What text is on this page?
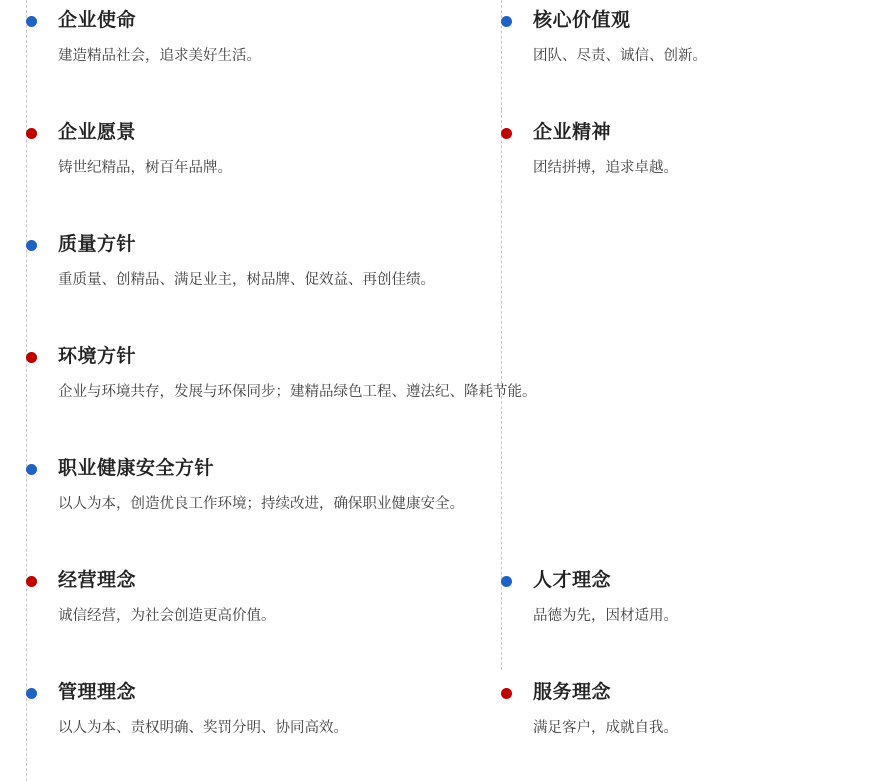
企业使命
建造精品社会，追求美好生活。
企业愿景
铸世纪精品，树百年品牌。
质量方针
重质量、创精品、满足业主，树品牌、促效益、再创佳绩。
环境方针
企业与环境共存，发展与环保同步；建精品绿色工程、遵法纪、降耗节能。
职业健康安全方针
以人为本，创造优良工作环境；持续改进，确保职业健康安全。
经营理念
诚信经营，为社会创造更高价值。
管理理念
以人为本、责权明确、奖罚分明、协同高效。
核心价值观
团队、尽责、诚信、创新。
企业精神
团结拼搏，追求卓越。
人才理念
品德为先，因材适用。
服务理念
满足客户，成就自我。
